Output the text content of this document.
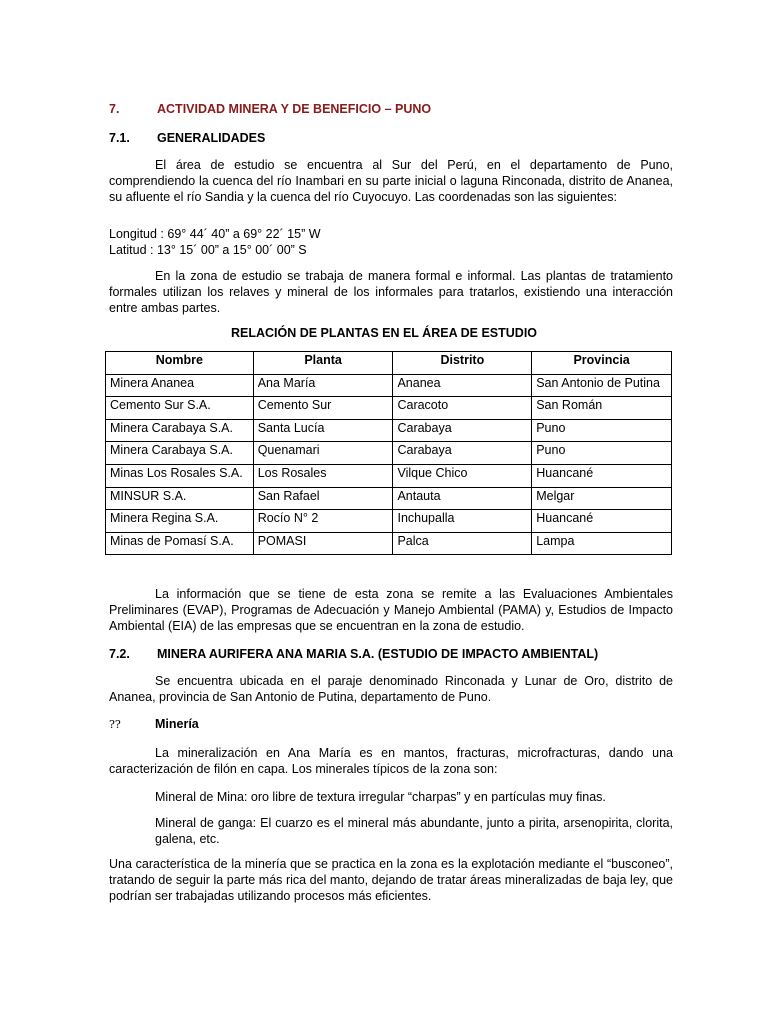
7.	ACTIVIDAD MINERA Y DE BENEFICIO – PUNO
7.1. GENERALIDADES

El área de estudio se encuentra al Sur del Perú, en el departamento de Puno, comprendiendo la cuenca del río Inambari en su parte inicial o laguna Rinconada, distrito de Ananea, su afluente el río Sandia y la cuenca del río Cuyocuyo. Las coordenadas son las siguientes:

Longitud : 69° 44´ 40” a 69° 22´ 15” W
Latitud : 13° 15´ 00” a 15° 00´ 00” S

En la zona de estudio se trabaja de manera formal e informal. Las plantas de tratamiento formales utilizan los relaves y mineral de los informales para tratarlos, existiendo una interacción entre ambas partes.

RELACIÓN DE PLANTAS EN EL ÁREA DE ESTUDIO
Nombre	Planta	Distrito	Provincia
Minera Ananea	Ana María	Ananea	San Antonio de Putina
Cemento Sur S.A.	Cemento Sur	Caracoto	San Román
Minera Carabaya S.A.	Santa Lucía	Carabaya	Puno
Minera Carabaya S.A.	Quenamari	Carabaya	Puno
Minas Los Rosales S.A.	Los Rosales	Vilque Chico	Huancané
MINSUR S.A.	San Rafael	Antauta	Melgar
Minera Regina S.A.	Rocío N° 2	Inchupalla	Huancané
Minas de Pomasí S.A.	POMASI	Palca	Lampa

La información que se tiene de esta zona se remite a las Evaluaciones Ambientales Preliminares (EVAP), Programas de Adecuación y Manejo Ambiental (PAMA) y, Estudios de Impacto Ambiental (EIA) de las empresas que se encuentran en la zona de estudio.

7.2. MINERA AURIFERA ANA MARIA S.A. (ESTUDIO DE IMPACTO AMBIENTAL)

Se encuentra ubicada en el paraje denominado Rinconada y Lunar de Oro, distrito de Ananea, provincia de San Antonio de Putina, departamento de Puno.

??	Minería

La mineralización en Ana María es en mantos, fracturas, microfracturas, dando una caracterización de filón en capa. Los minerales típicos de la zona son:

Mineral de Mina: oro libre de textura irregular “charpas” y en partículas muy finas.

Mineral de ganga: El cuarzo es el mineral más abundante, junto a pirita, arsenopirita, clorita, galena, etc.

Una característica de la minería que se practica en la zona es la explotación mediante el “busconeo”, tratando de seguir la parte más rica del manto, dejando de tratar áreas mineralizadas de baja ley, que podrían ser trabajadas utilizando procesos más eficientes.
